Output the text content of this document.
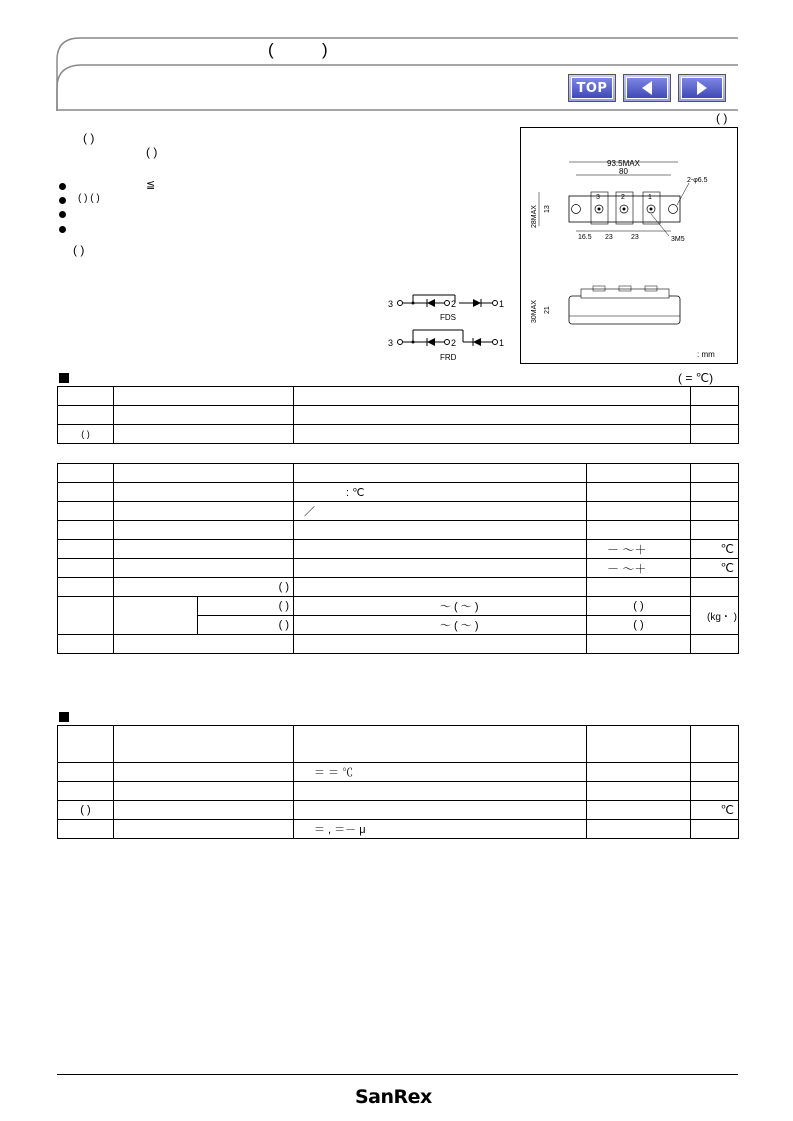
(	)
TOP
( )
( )
( )
≦
( ) ( )
( )
3	2	1
FDS
3	2	1
FRD
93.5MAX
80
3	2	1
2-φ6.5
28MAX 13
16.5 23	23	3M5
30MAX 21
: mm
( = ℃)

( )			

			: ℃		
			／		

				－ ～＋	℃
				－ ～＋	℃
	( )				
		( )	～ ( ～ )	( )	(kg・ )
		( )	～ ( ～ )	( )	

		＝ ＝ ℃		

( )				℃
		＝ , ＝－ μ		
SanRex
